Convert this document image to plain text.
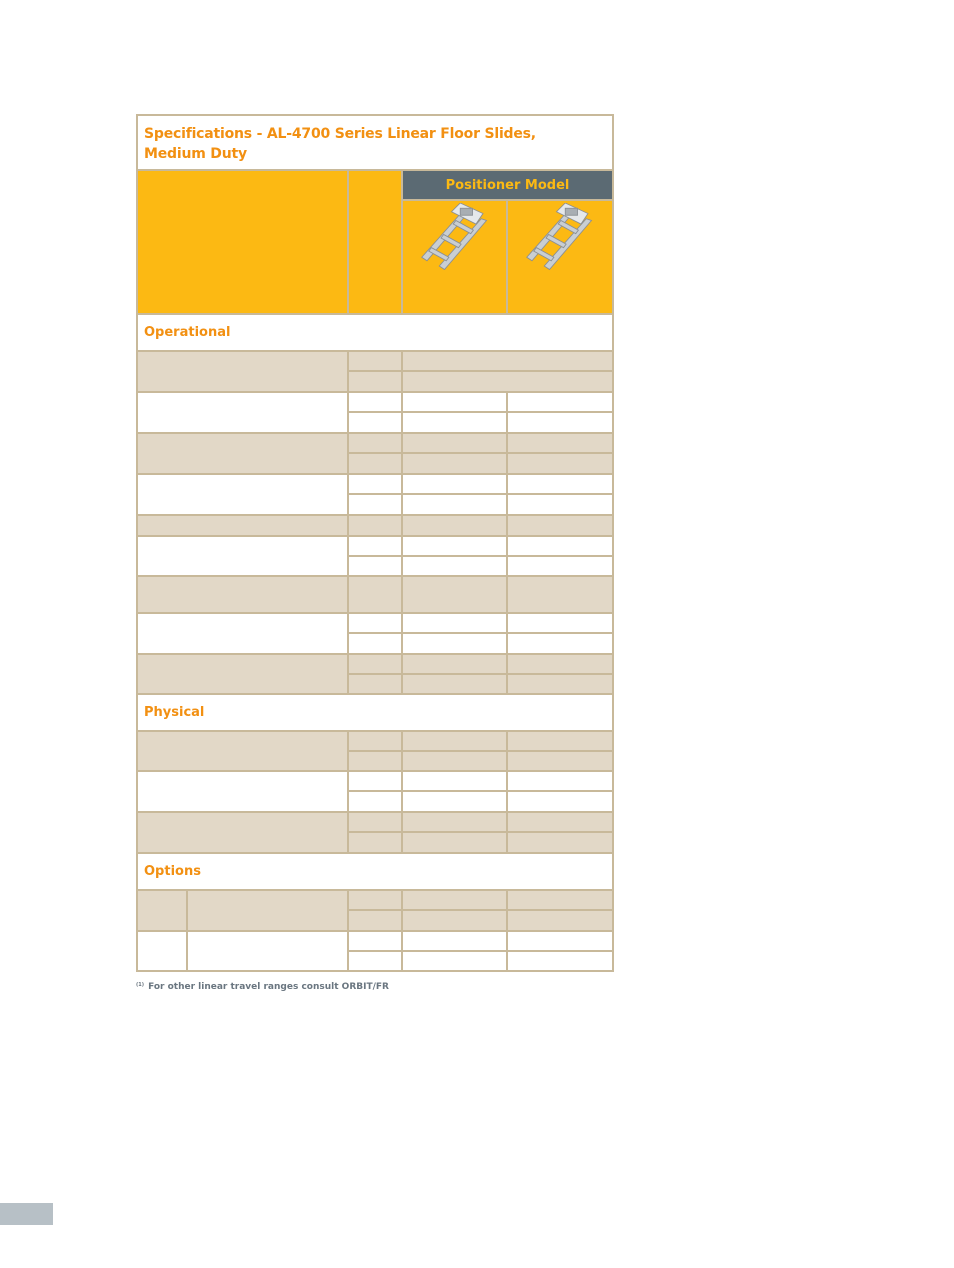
Specifications - AL-4700 Series Linear Floor Slides,
Medium Duty
Positioner Model
Operational
Physical
Options
$^{(1)}$ For other linear travel ranges consult ORBIT/FR
